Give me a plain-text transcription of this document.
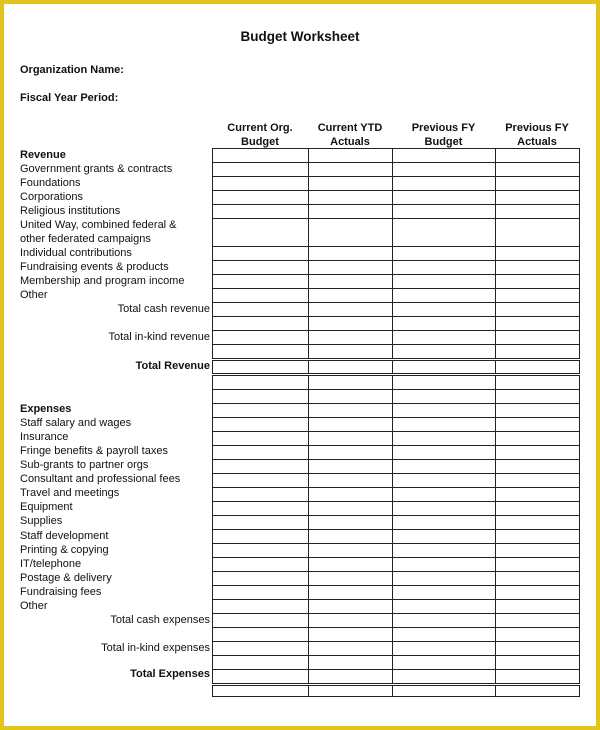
Budget Worksheet
Organization Name:
Fiscal Year Period:
Current Org.
Budget
Current YTD
Actuals
Previous FY
Budget
Previous FY
Actuals
Revenue
Government grants & contracts
Foundations
Corporations
Religious institutions
United Way, combined federal &
other federated campaigns
Individual contributions
Fundraising events & products
Membership and program income
Other
Total cash revenue
Total in-kind revenue
Total Revenue
Expenses
Staff salary and wages
Insurance
Fringe benefits & payroll taxes
Sub-grants to partner orgs
Consultant and professional fees
Travel and meetings
Equipment
Supplies
Staff development
Printing & copying
IT/telephone
Postage & delivery
Fundraising fees
Other
Total cash expenses
Total in-kind expenses
Total Expenses
